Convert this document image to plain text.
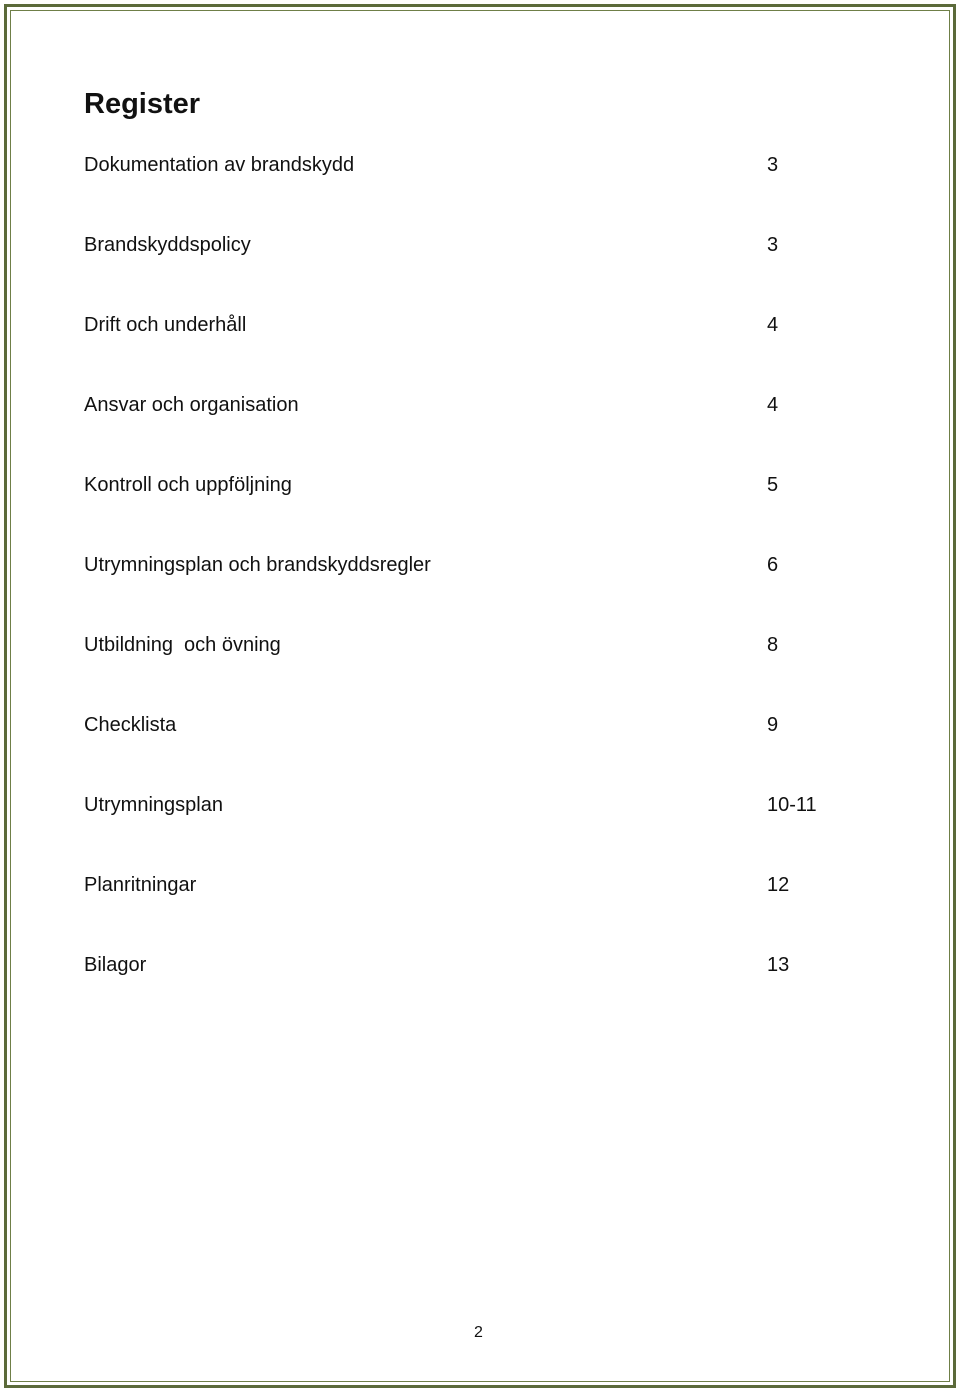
Register
Dokumentation av brandskydd	3
Brandskyddspolicy	3
Drift och underhåll	4
Ansvar och organisation	4
Kontroll och uppföljning	5
Utrymningsplan och brandskyddsregler	6
Utbildning  och övning	8
Checklista	9
Utrymningsplan	10-11
Planritningar	12
Bilagor	13
2
